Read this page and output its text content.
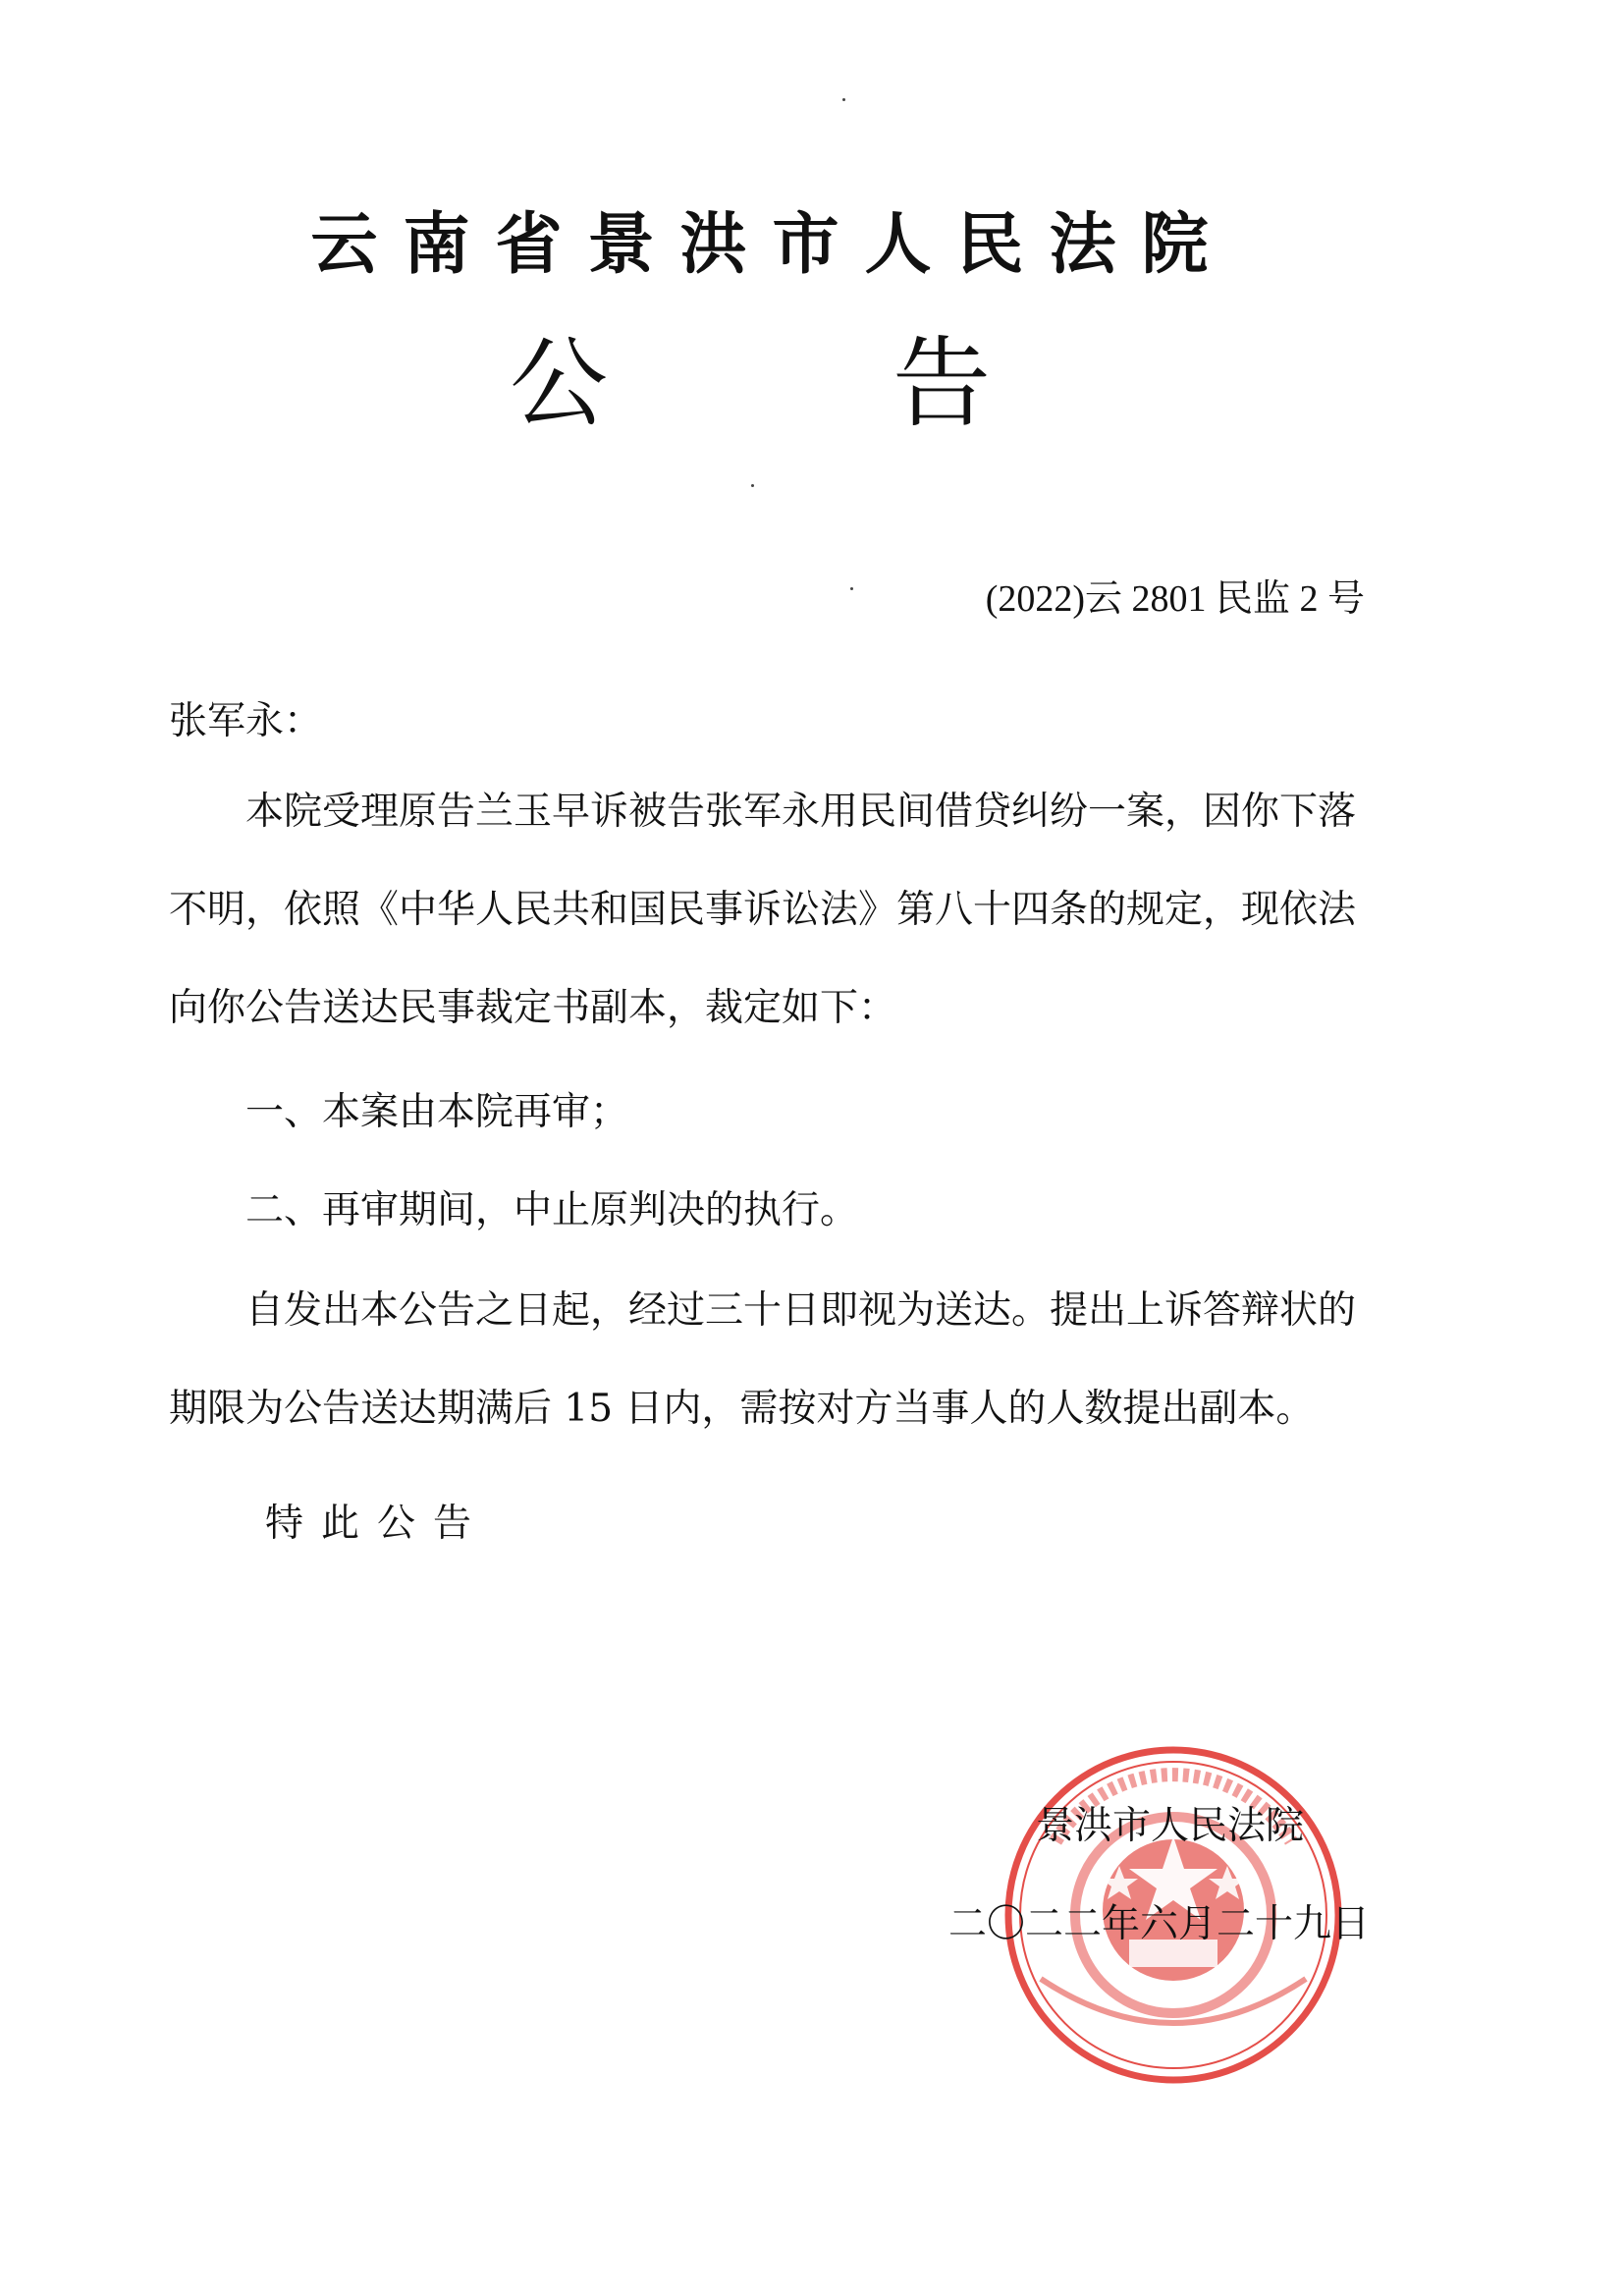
云南省景洪市人民法院
公告
(2022)云 2801 民监 2 号
张军永：
本院受理原告兰玉早诉被告张军永用民间借贷纠纷一案，因你下落不明，依照《中华人民共和国民事诉讼法》第八十四条的规定，现依法向你公告送达民事裁定书副本，裁定如下：
一、本案由本院再审；
二、再审期间，中止原判决的执行。
自发出本公告之日起，经过三十日即视为送达。提出上诉答辩状的期限为公告送达期满后 15 日内，需按对方当事人的人数提出副本。
特此公告
景洪市人民法院
二〇二二年六月二十九日
